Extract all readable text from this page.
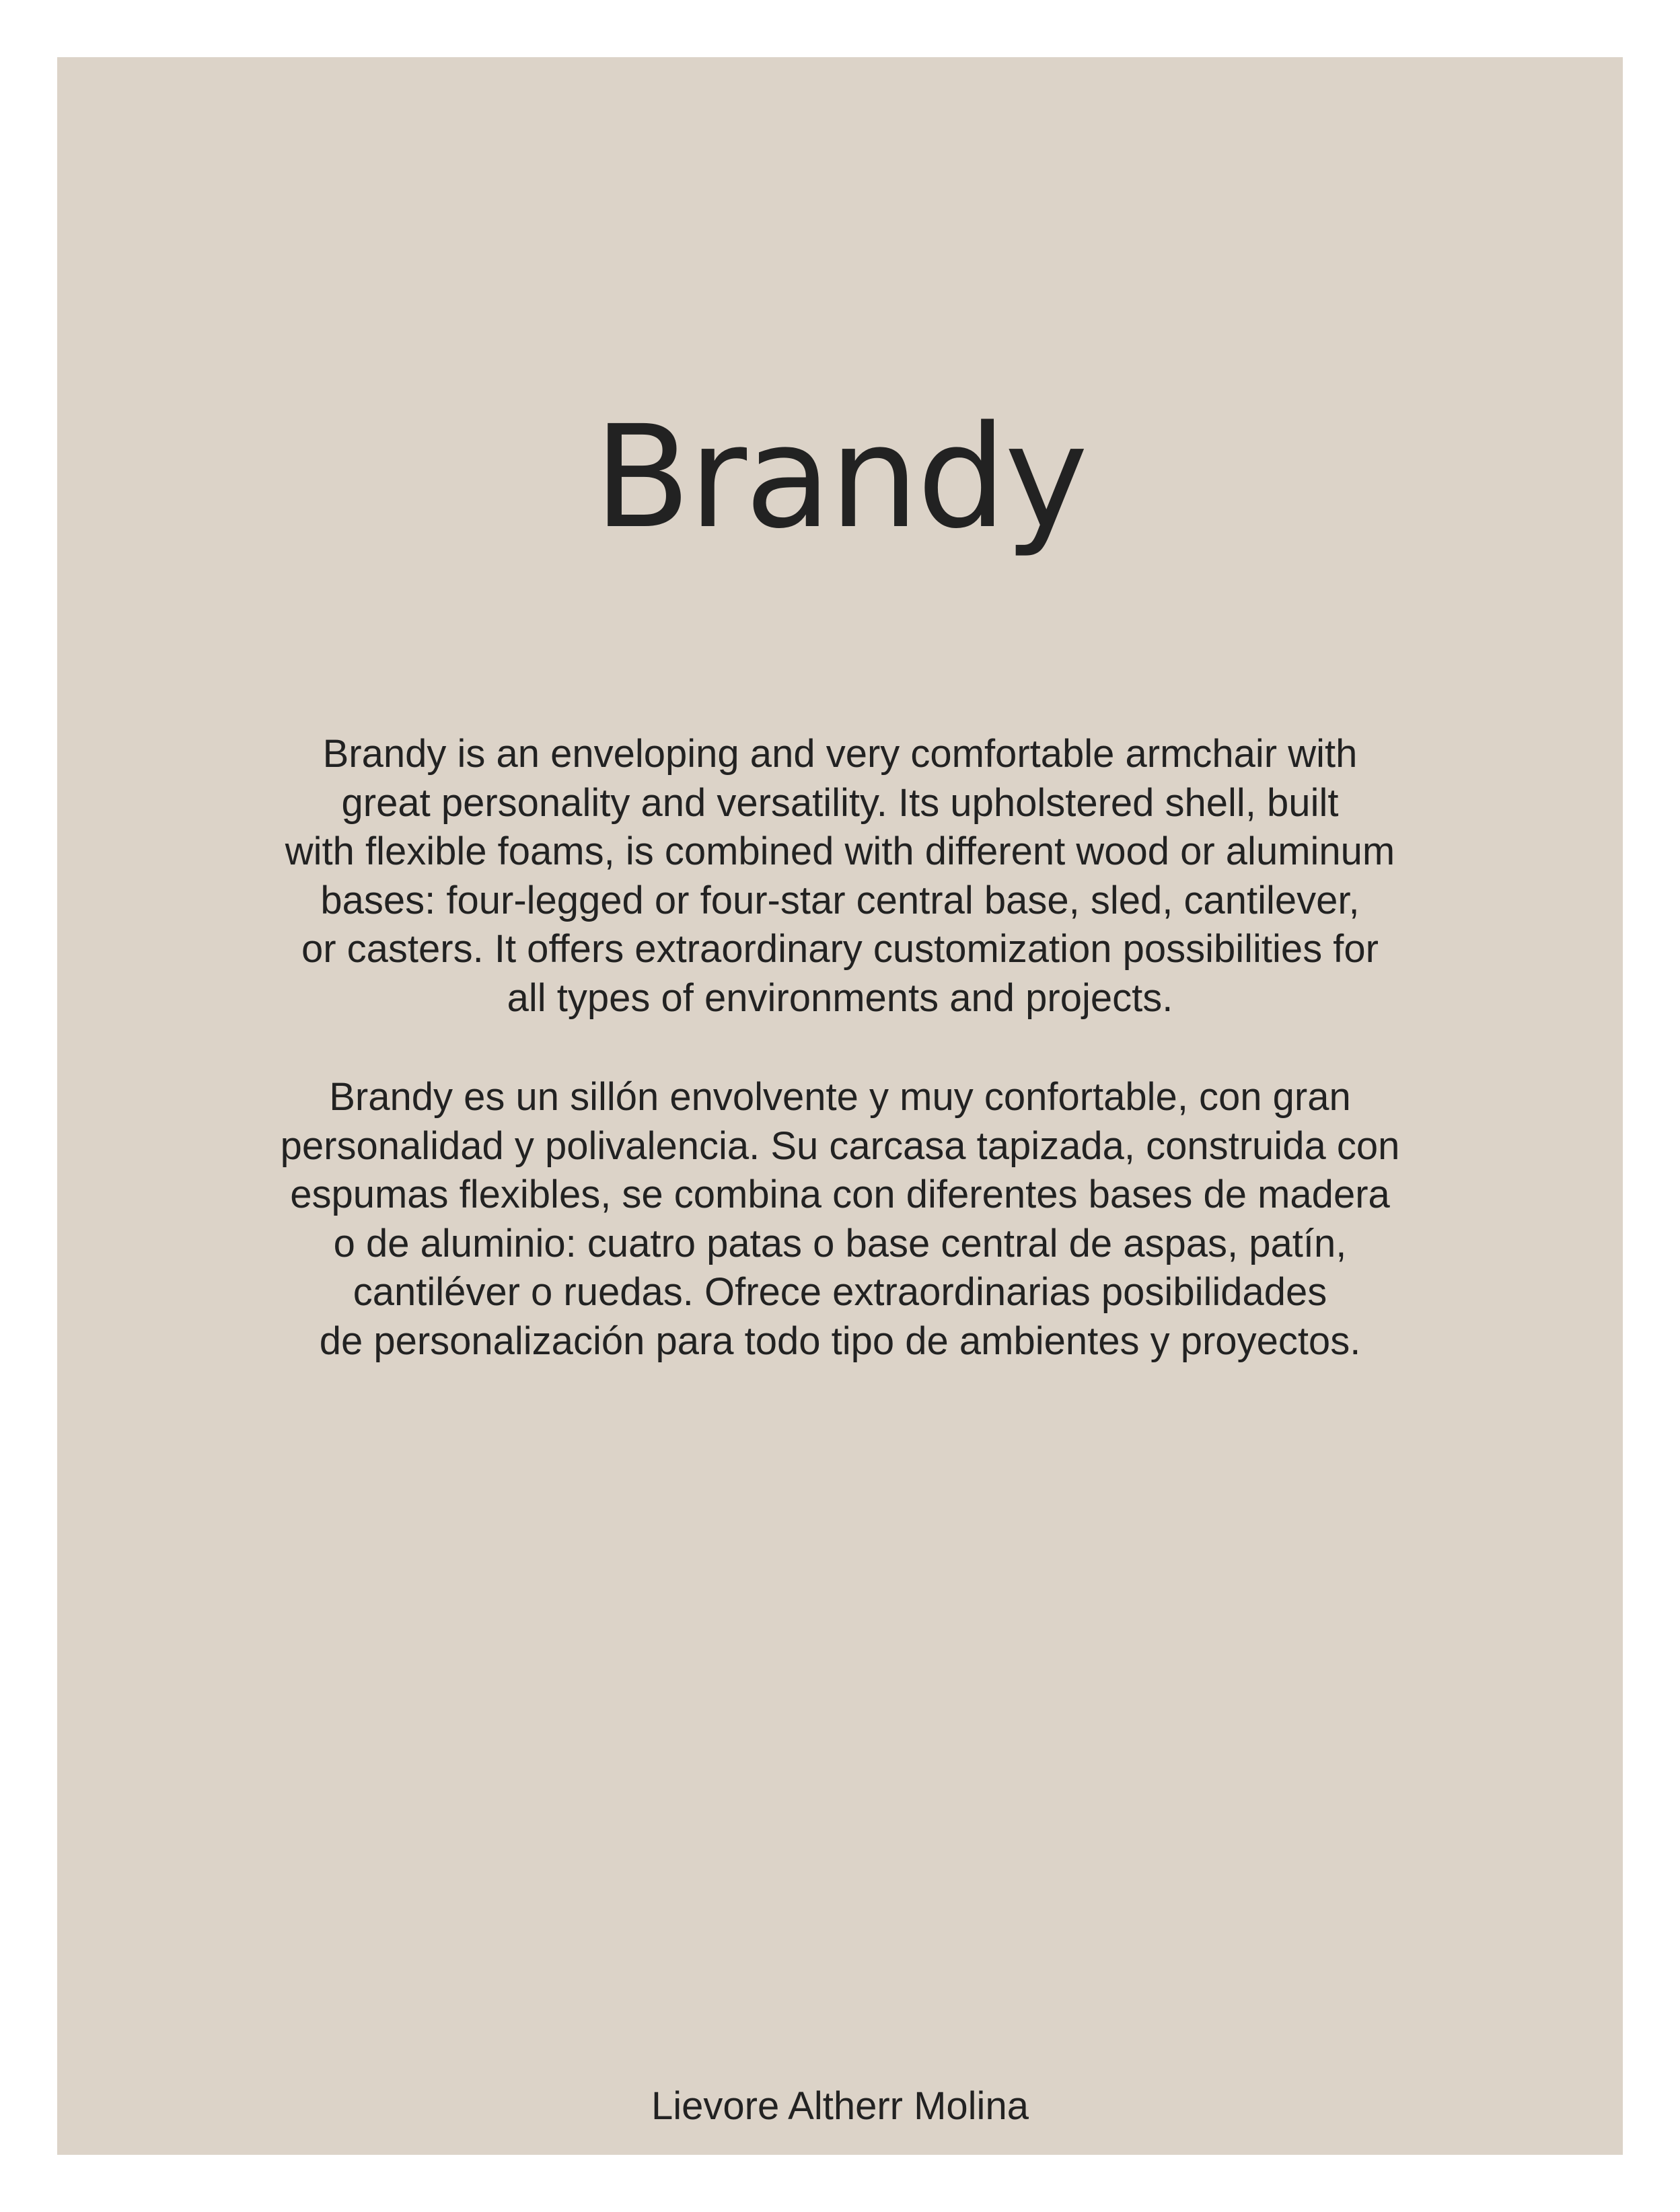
Brandy

Brandy is an enveloping and very comfortable armchair with
great personality and versatility. Its upholstered shell, built
with flexible foams, is combined with different wood or aluminum
bases: four-legged or four-star central base, sled, cantilever,
or casters. It offers extraordinary customization possibilities for
all types of environments and projects.

Brandy es un sillón envolvente y muy confortable, con gran
personalidad y polivalencia. Su carcasa tapizada, construida con
espumas flexibles, se combina con diferentes bases de madera
o de aluminio: cuatro patas o base central de aspas, patín,
cantiléver o ruedas. Ofrece extraordinarias posibilidades
de personalización para todo tipo de ambientes y proyectos.

Lievore Altherr Molina
